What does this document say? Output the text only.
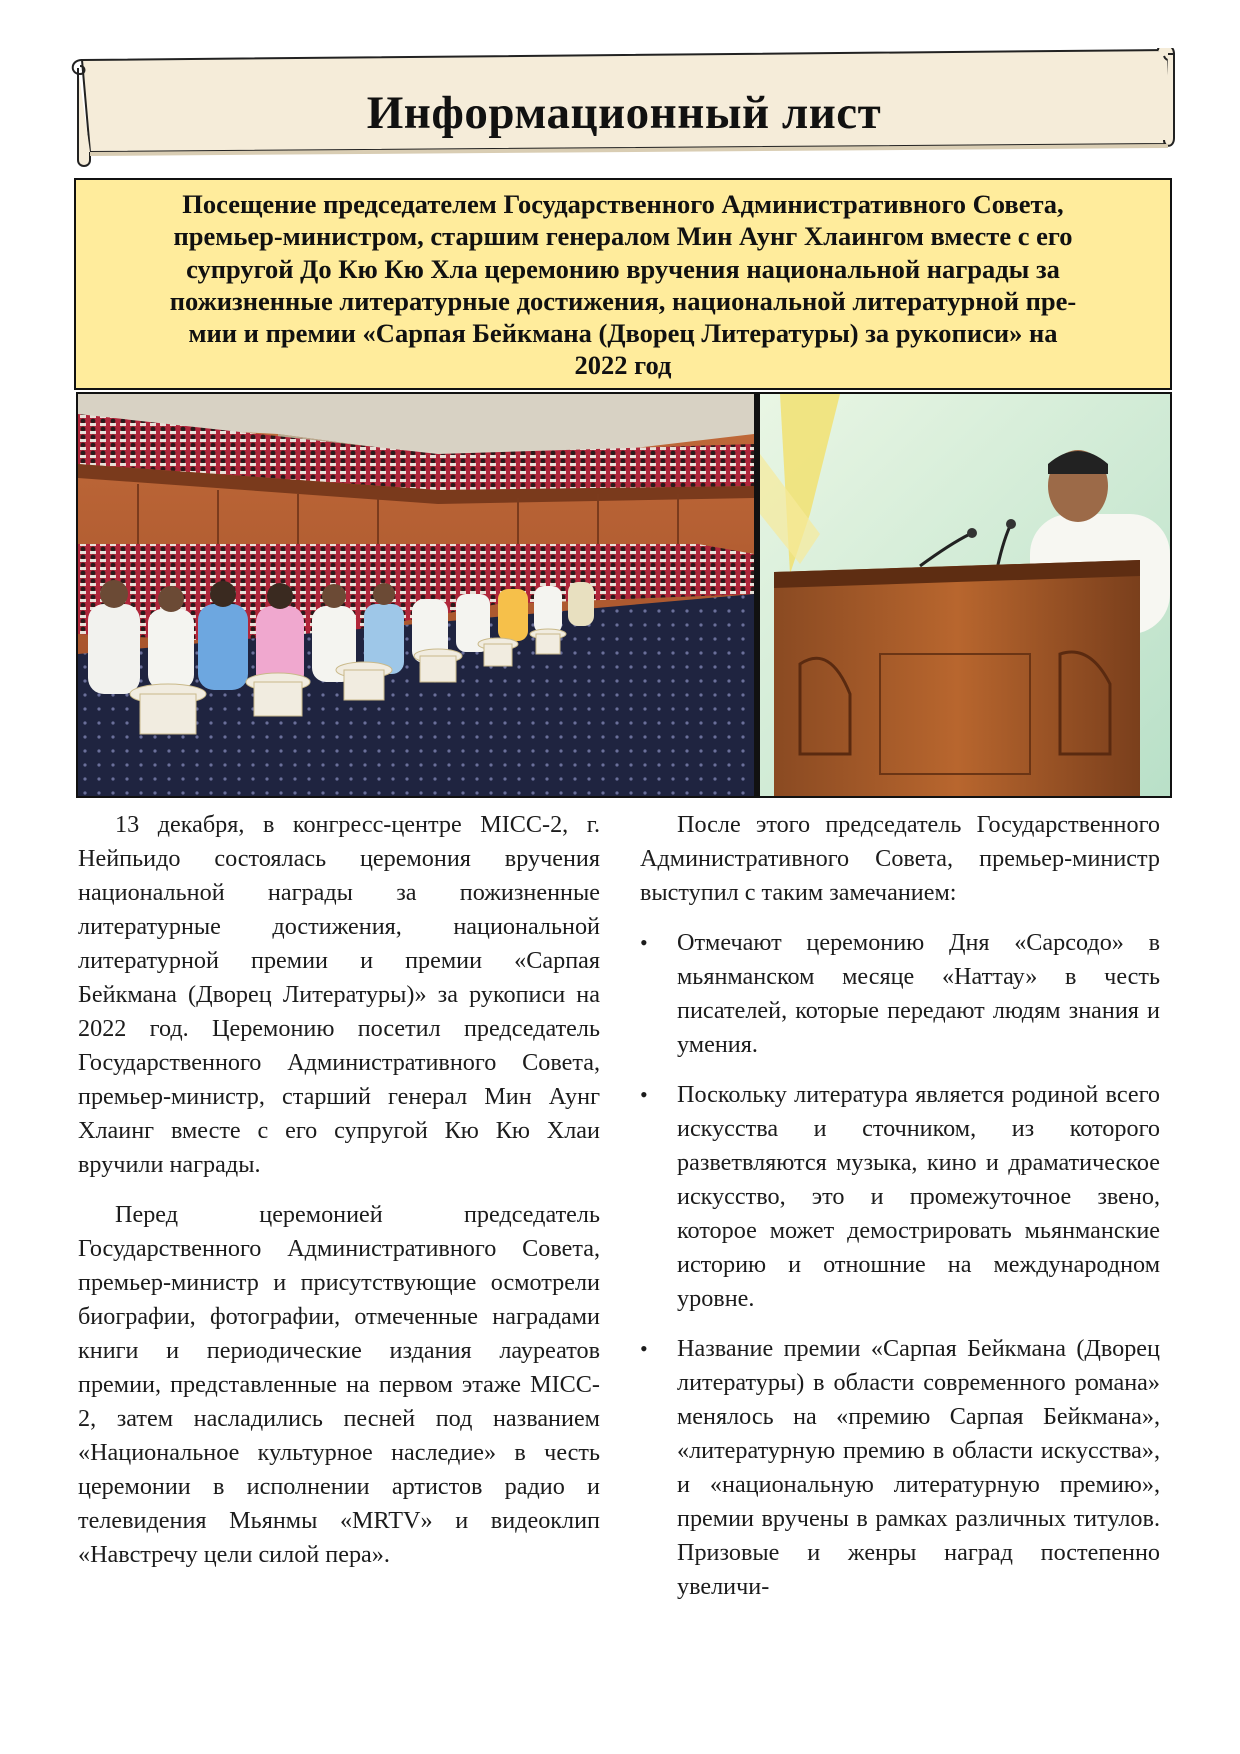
Информационный лист

Посещение председателем Государственного Административного Совета,

премьер-министром, старшим генералом Мин Аунг Хлаингом вместе с его

супругой До Кю Кю Хла церемонию вручения национальной награды за

пожизненные литературные достижения, национальной литературной пре-

мии и премии «Сарпая Бейкмана (Дворец Литературы) за рукописи» на

2022 год

13 декабря, в конгресс-центре MICC-2, г. Нейпьидо состоялась церемония вручения национальной награды за пожизненные литературные достижения, национальной литературной премии и премии «Сарпая Бейкмана (Дворец Литературы)» за рукописи на 2022 год. Церемонию посетил председатель Государственного Административного Совета, премьер-министр, старший генерал Мин Аунг Хлаинг вместе с его супругой Кю Кю Хлаи вручили награды.

Перед церемонией председатель Государственного Административного Совета, премьер-министр и присутствующие осмотрели биографии, фотографии, отмеченные наградами книги и периодические издания лауреатов премии, представленные на первом этаже MICC-2, затем насладились песней под названием «Национальное культурное наследие» в честь церемонии в исполнении артистов радио и телевидения Мьянмы «MRTV» и видеоклип «Навстречу цели силой пера».

После этого председатель Государственного Административного Совета, премьер-министр выступил с таким замечанием:

• Отмечают церемонию Дня «Сарсодо» в мьянманском месяце «Наттау» в честь писателей, которые передают людям знания и умения.
• Поскольку литература является родиной всего искусства и сточником, из которого разветвляются музыка, кино и драматическое искусство, это и промежуточное звено, которое может демострировать мьянманские историю и отношние на международном уровне.
• Название премии «Сарпая Бейкмана (Дворец литературы) в области современного романа» менялось на «премию Сарпая Бейкмана», «литературную премию в области искусства», и «национальную литературную премию», премии вручены в рамках различных титулов. Призовые и женры наград постепенно увеличи-
